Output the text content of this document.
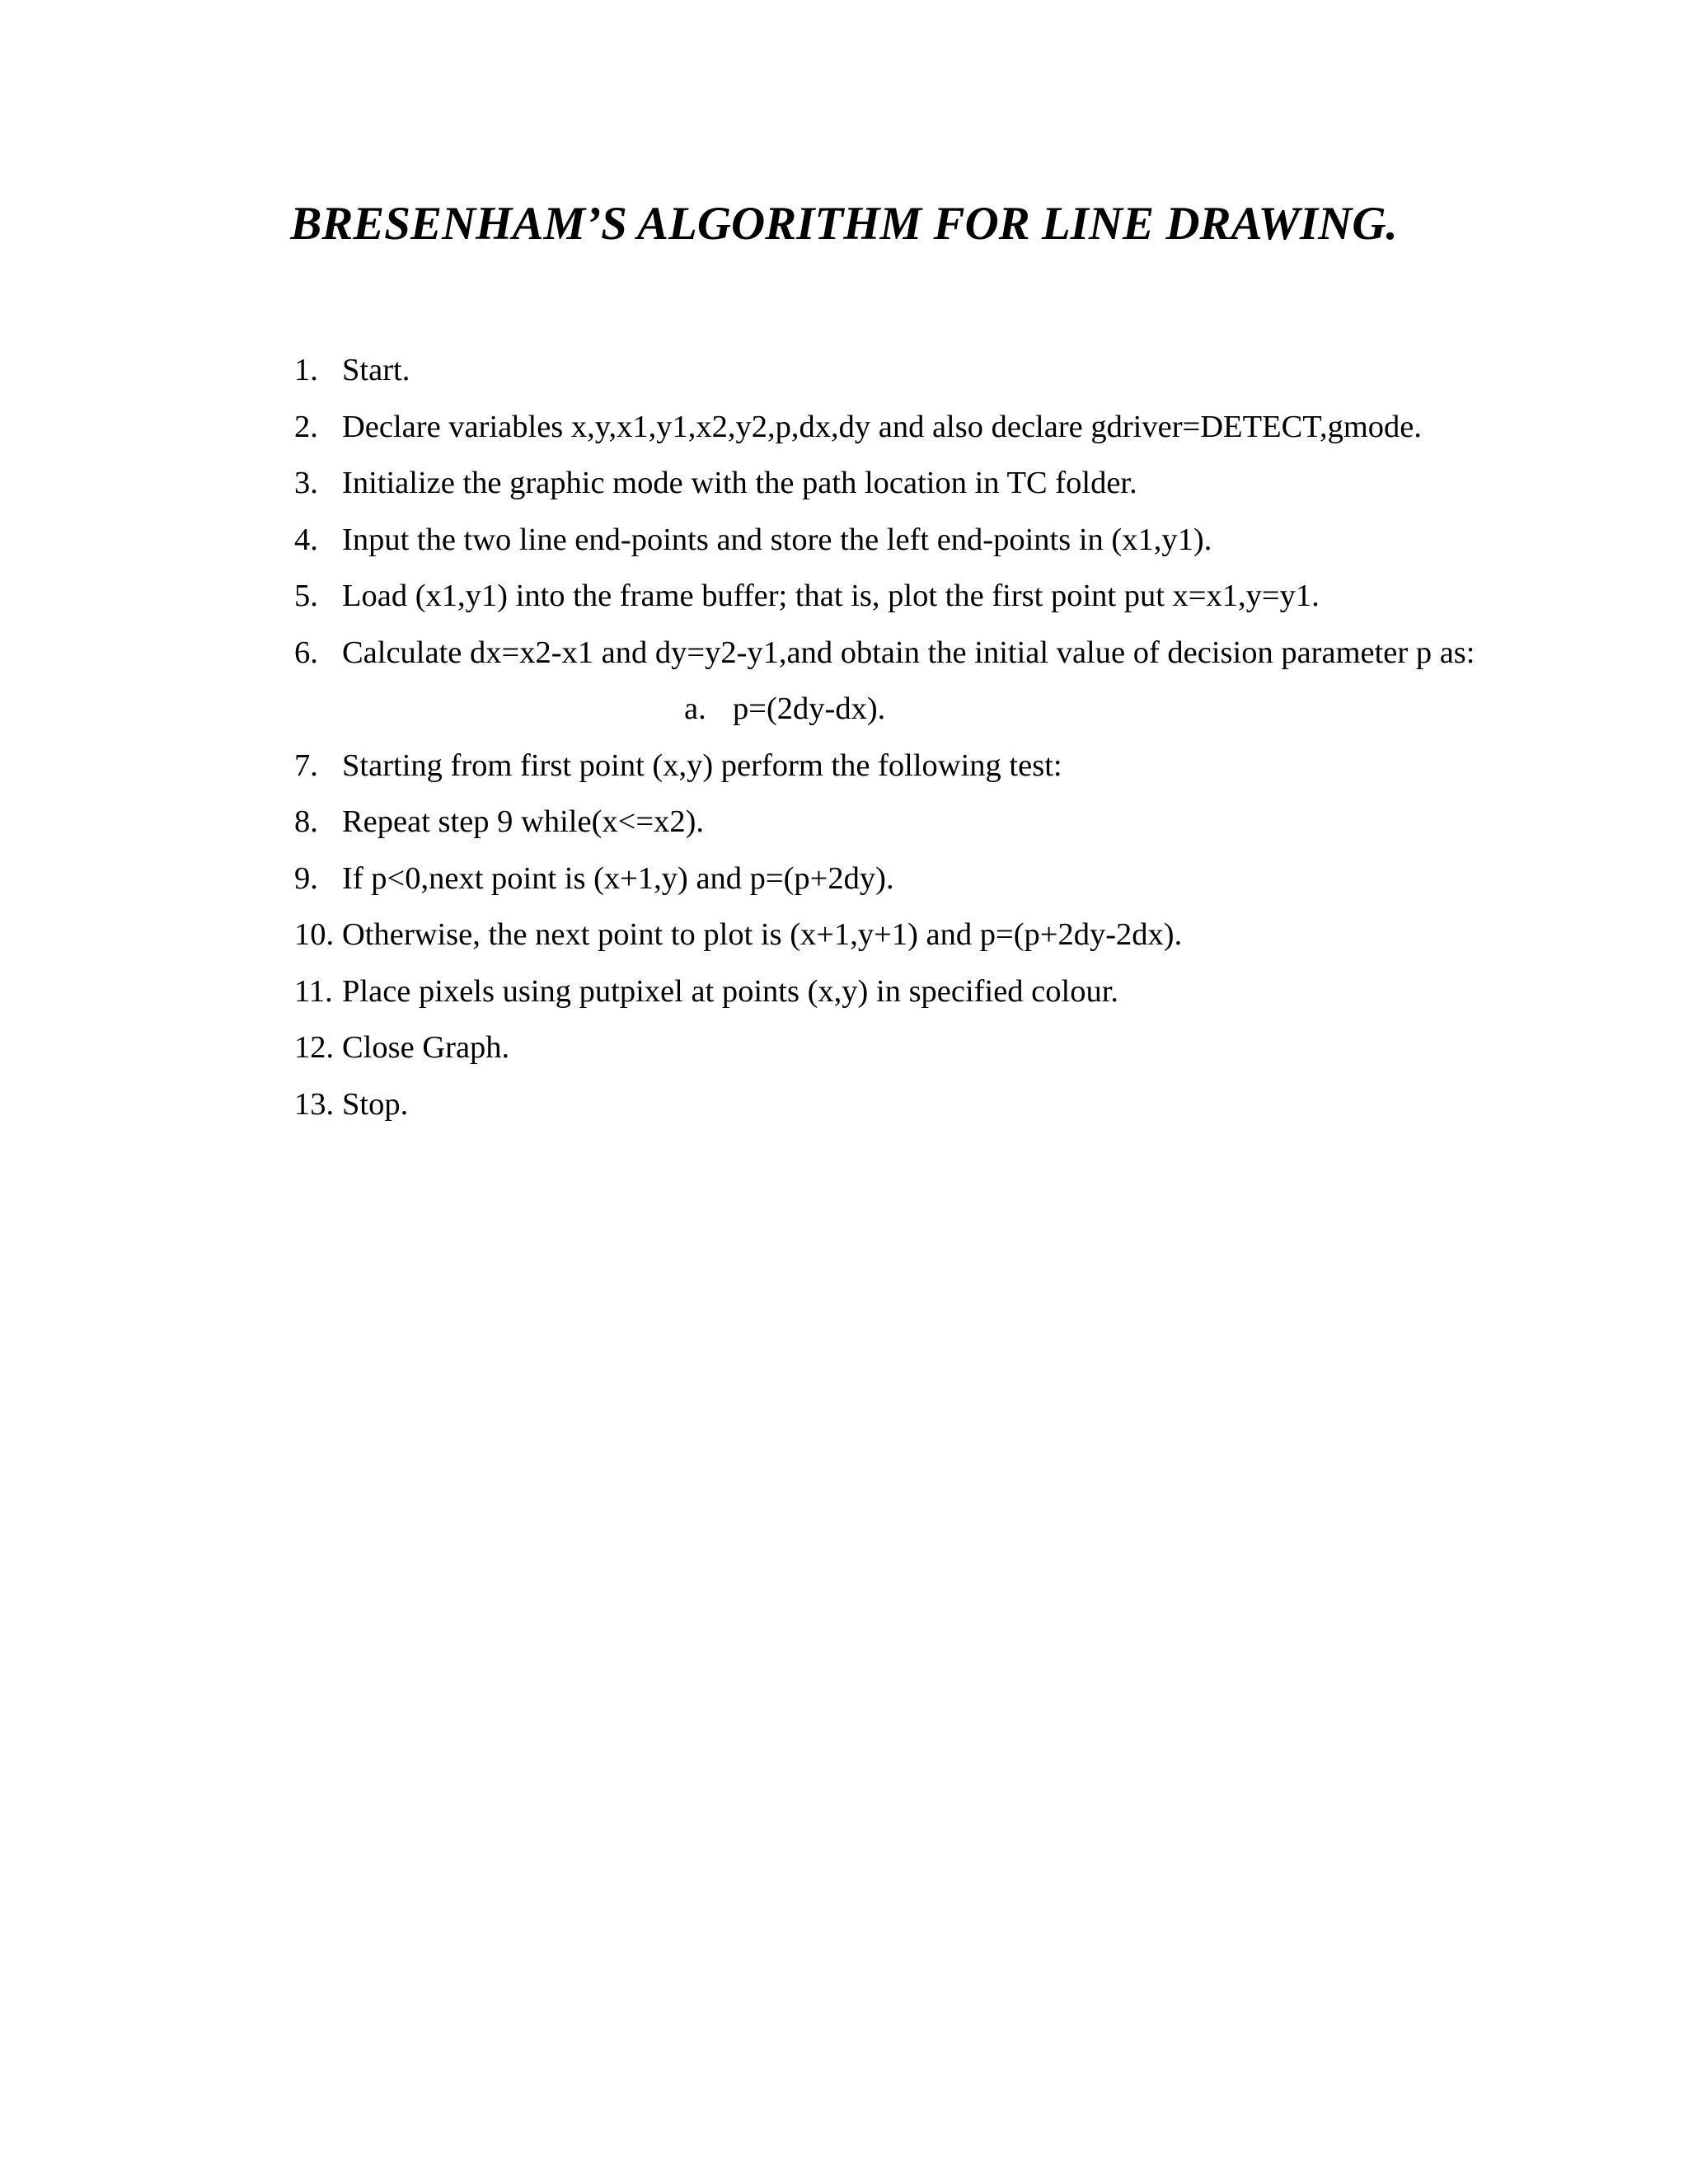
BRESENHAM’S ALGORITHM FOR LINE DRAWING.
1. Start.
2. Declare variables x,y,x1,y1,x2,y2,p,dx,dy and also declare gdriver=DETECT,gmode.
3. Initialize the graphic mode with the path location in TC folder.
4. Input the two line end-points and store the left end-points in (x1,y1).
5. Load (x1,y1) into the frame buffer; that is, plot the first point put x=x1,y=y1.
6. Calculate dx=x2-x1 and dy=y2-y1,and obtain the initial value of decision parameter p as:
a. p=(2dy-dx).
7. Starting from first point (x,y) perform the following test:
8. Repeat step 9 while(x<=x2).
9. If p<0,next point is (x+1,y) and p=(p+2dy).
10. Otherwise, the next point to plot is (x+1,y+1) and p=(p+2dy-2dx).
11. Place pixels using putpixel at points (x,y) in specified colour.
12. Close Graph.
13. Stop.
